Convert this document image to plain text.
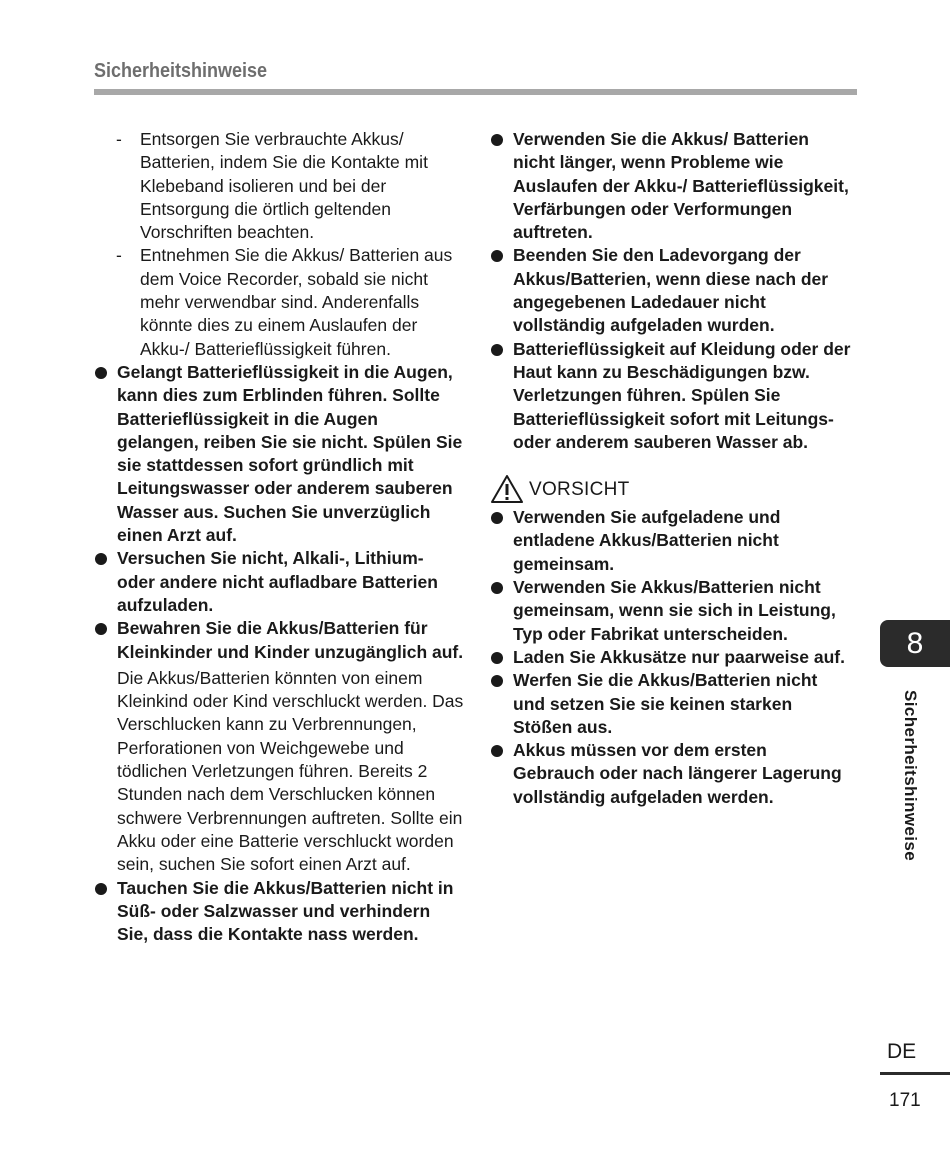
Sicherheitshinweise
- Entsorgen Sie verbrauchte Akkus/ Batterien, indem Sie die Kontakte mit Klebeband isolieren und bei der Entsorgung die örtlich geltenden Vorschriften beachten.
- Entnehmen Sie die Akkus/ Batterien aus dem Voice Recorder, sobald sie nicht mehr verwendbar sind. Anderenfalls könnte dies zu einem Auslaufen der Akku-/ Batterieflüssigkeit führen.
Gelangt Batterieflüssigkeit in die Augen, kann dies zum Erblinden führen. Sollte Batterieflüssigkeit in die Augen gelangen, reiben Sie sie nicht. Spülen Sie sie stattdessen sofort gründlich mit Leitungswasser oder anderem sauberen Wasser aus. Suchen Sie unverzüglich einen Arzt auf.
Versuchen Sie nicht, Alkali-, Lithium- oder andere nicht aufladbare Batterien aufzuladen.
Bewahren Sie die Akkus/Batterien für Kleinkinder und Kinder unzugänglich auf.
Die Akkus/Batterien könnten von einem Kleinkind oder Kind verschluckt werden. Das Verschlucken kann zu Verbrennungen, Perforationen von Weichgewebe und tödlichen Verletzungen führen. Bereits 2 Stunden nach dem Verschlucken können schwere Verbrennungen auftreten. Sollte ein Akku oder eine Batterie verschluckt worden sein, suchen Sie sofort einen Arzt auf.
Tauchen Sie die Akkus/Batterien nicht in Süß- oder Salzwasser und verhindern Sie, dass die Kontakte nass werden.
Verwenden Sie die Akkus/ Batterien nicht länger, wenn Probleme wie Auslaufen der Akku-/ Batterieflüssigkeit, Verfärbungen oder Verformungen auftreten.
Beenden Sie den Ladevorgang der Akkus/Batterien, wenn diese nach der angegebenen Ladedauer nicht vollständig aufgeladen wurden.
Batterieflüssigkeit auf Kleidung oder der Haut kann zu Beschädigungen bzw. Verletzungen führen. Spülen Sie Batterieflüssigkeit sofort mit Leitungs- oder anderem sauberen Wasser ab.
VORSICHT
Verwenden Sie aufgeladene und entladene Akkus/Batterien nicht gemeinsam.
Verwenden Sie Akkus/Batterien nicht gemeinsam, wenn sie sich in Leistung, Typ oder Fabrikat unterscheiden.
Laden Sie Akkusätze nur paarweise auf.
Werfen Sie die Akkus/Batterien nicht und setzen Sie sie keinen starken Stößen aus.
Akkus müssen vor dem ersten Gebrauch oder nach längerer Lagerung vollständig aufgeladen werden.
8
Sicherheitshinweise
DE
171
